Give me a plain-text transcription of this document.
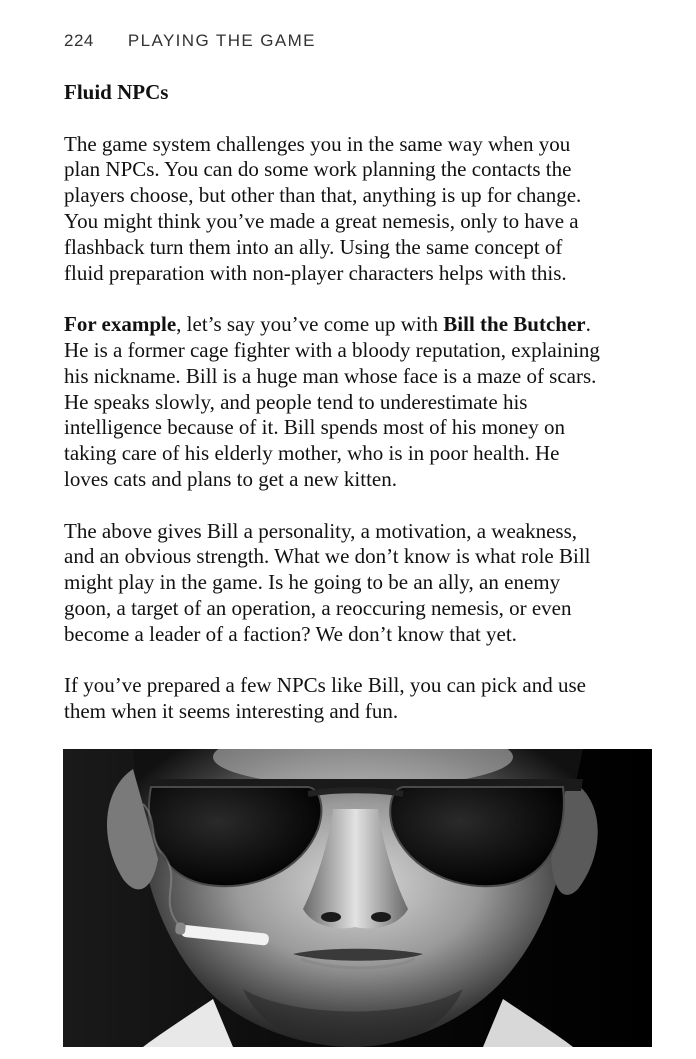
224 PLAYING THE GAME
Fluid NPCs

The game system challenges you in the same way when you
plan NPCs. You can do some work planning the contacts the
players choose, but other than that, anything is up for change.
You might think you’ve made a great nemesis, only to have a
flashback turn them into an ally. Using the same concept of
fluid preparation with non-player characters helps with this.

For example, let’s say you’ve come up with Bill the Butcher.
He is a former cage fighter with a bloody reputation, explaining
his nickname. Bill is a huge man whose face is a maze of scars.
He speaks slowly, and people tend to underestimate his
intelligence because of it. Bill spends most of his money on
taking care of his elderly mother, who is in poor health. He
loves cats and plans to get a new kitten.

The above gives Bill a personality, a motivation, a weakness,
and an obvious strength. What we don’t know is what role Bill
might play in the game. Is he going to be an ally, an enemy
goon, a target of an operation, a reoccuring nemesis, or even
become a leader of a faction? We don’t know that yet.

If you’ve prepared a few NPCs like Bill, you can pick and use
them when it seems interesting and fun.
